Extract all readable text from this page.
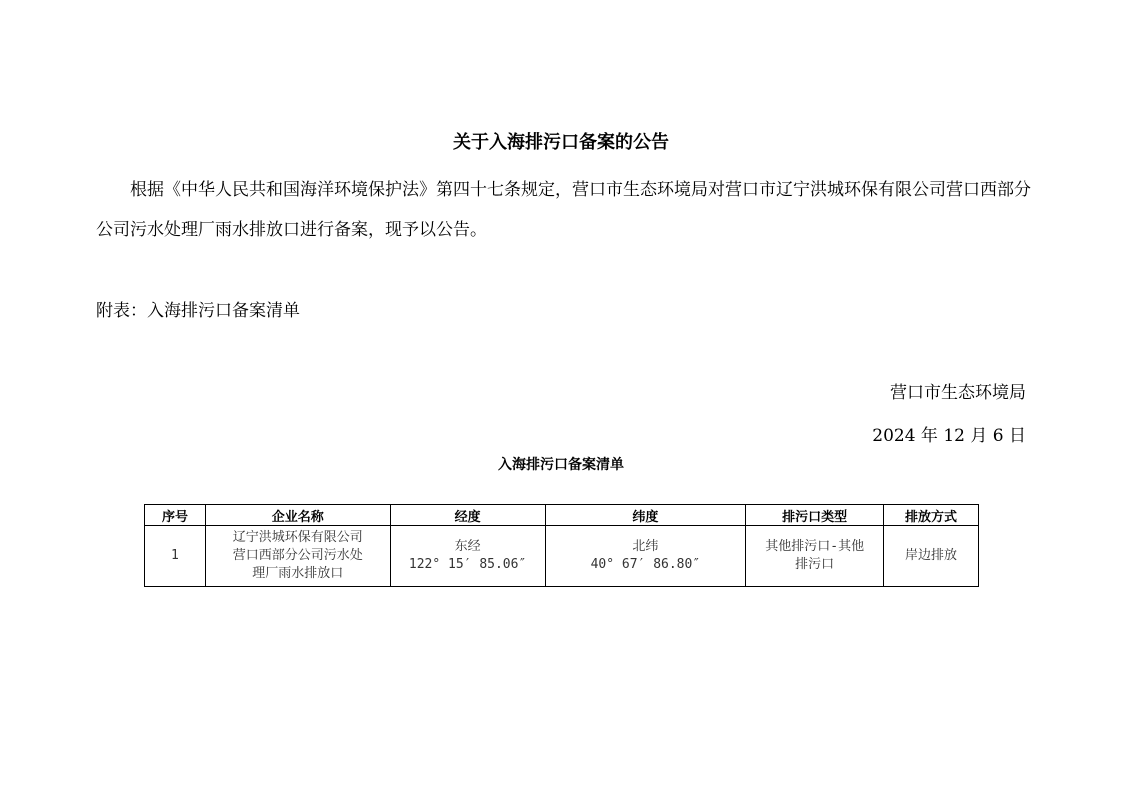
关于入海排污口备案的公告

根据《中华人民共和国海洋环境保护法》第四十七条规定，营口市生态环境局对营口市辽宁洪城环保有限公司营口西部分公司污水处理厂雨水排放口进行备案，现予以公告。

附表：入海排污口备案清单
营口市生态环境局
2024 年 12 月 6 日
入海排污口备案清单
序号	企业名称	经度	纬度	排污口类型	排放方式
1	辽宁洪城环保有限公司
营口西部分公司污水处
理厂雨水排放口	东经
122° 15′ 85.06″	北纬
40° 67′ 86.80″	其他排污口-其他
排污口	岸边排放
